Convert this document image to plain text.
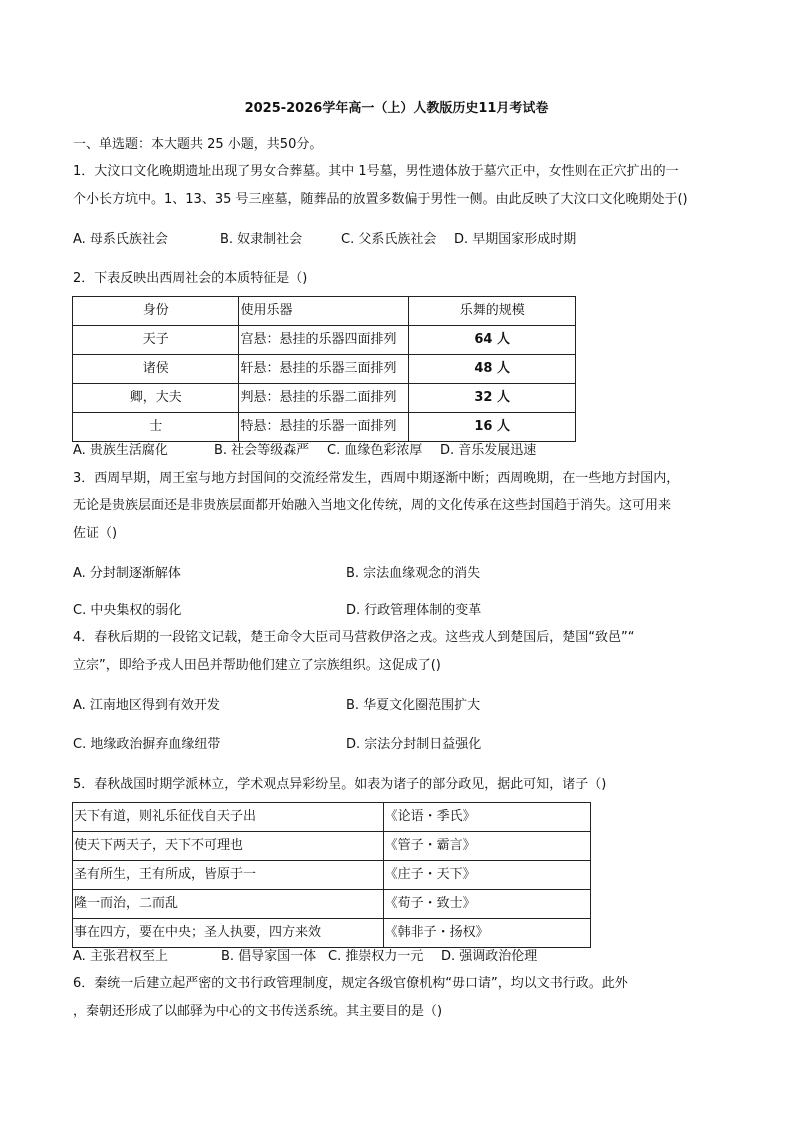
2025-2026学年高一（上）人教版历史11月考试卷
一、单选题：本大题共 25 小题，共50分。
1．大汶口文化晚期遗址出现了男女合葬墓。其中 1号墓，男性遗体放于墓穴正中，女性则在正穴扩出的一
个小长方坑中。1、13、35 号三座墓，随葬品的放置多数偏于男性一侧。由此反映了大汶口文化晚期处于()
A. 母系氏族社会	B. 奴隶制社会	C. 父系氏族社会 D. 早期国家形成时期
2．下表反映出西周社会的本质特征是（)
身份	使用乐器	乐舞的规模
天子	宫悬：悬挂的乐器四面排列	64 人
诸侯	轩悬：悬挂的乐器三面排列	48 人
卿，大夫	判悬：悬挂的乐器二面排列	32 人
士	特悬：悬挂的乐器一面排列	16 人
A. 贵族生活腐化	B. 社会等级森严 C. 血缘色彩浓厚 D. 音乐发展迅速
3．西周早期，周王室与地方封国间的交流经常发生，西周中期逐渐中断；西周晚期，在一些地方封国内，
无论是贵族层面还是非贵族层面都开始融入当地文化传统，周的文化传承在这些封国趋于消失。这可用来
佐证（)
A. 分封制逐渐解体	B. 宗法血缘观念的消失
C. 中央集权的弱化	D. 行政管理体制的变革
4．春秋后期的一段铭文记载，楚王命令大臣司马营救伊洛之戎。这些戎人到楚国后，楚国“致邑”“
立宗”，即给予戎人田邑并帮助他们建立了宗族组织。这促成了()
A. 江南地区得到有效开发	B. 华夏文化圈范围扩大
C. 地缘政治摒弃血缘纽带	D. 宗法分封制日益强化
5．春秋战国时期学派林立，学术观点异彩纷呈。如表为诸子的部分政见，据此可知，诸子（)
天下有道，则礼乐征伐自天子出	《论语・季氏》
使天下两天子，天下不可理也	《管子・霸言》
圣有所生，王有所成，皆原于一	《庄子・天下》
隆一而治，二而乱	《荀子・致士》
事在四方，要在中央；圣人执要，四方来效	《韩非子・扬权》
A. 主张君权至上	B. 倡导家国一体 C. 推崇权力一元 D. 强调政治伦理
6．秦统一后建立起严密的文书行政管理制度，规定各级官僚机构“毋口请”，均以文书行政。此外
，秦朝还形成了以邮驿为中心的文书传送系统。其主要目的是（)
